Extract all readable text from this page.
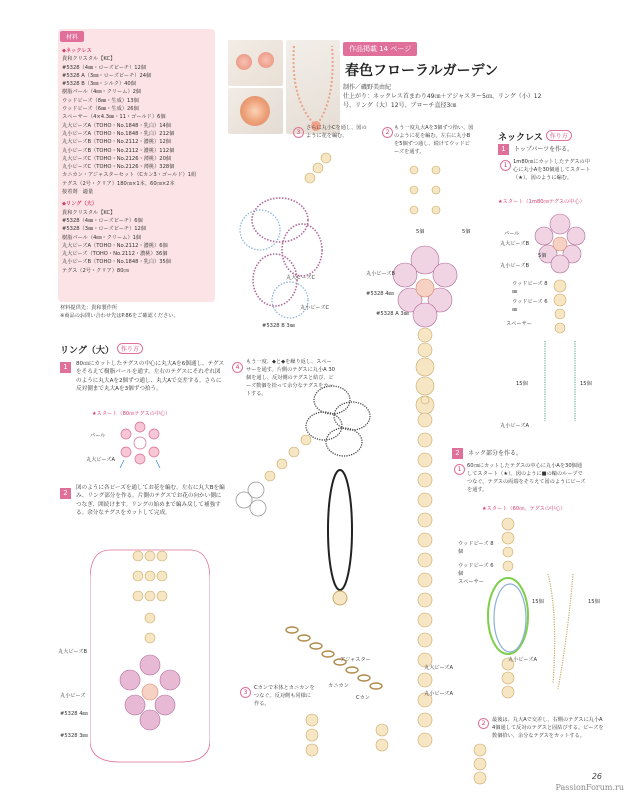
材料
◆ネックレス
貴和クリスタル【KC】
#5328（4㎜・ローズピーチ）12個
#5328 A（3㎜・ローズピーチ）24個
#5328 B（3㎜・シルク）40個
樹脂パール（4㎜・クリーム）2個
ウッドビーズ（8㎜・生成）13個
ウッドビーズ（6㎜・生成）26個
スペーサー（4×4.3㎜・11・ゴールド）6個
丸大ビーズA（TOHO・No.1848・乳白）14個
丸小ビーズA（TOHO・No.1848・乳白）212個
丸大ビーズB（TOHO・No.2112・濃桃）12個
丸小ビーズB（TOHO・No.2112・濃桃）112個
丸大ビーズC（TOHO・No.2126・薄桃）20個
丸小ビーズC（TOHO・No.2126・薄桃）328個
カニカン・アジャスターセット（Cカン3・ゴールド）1組
テグス（2号・クリア）180㎝×1本、60㎝×2本
接着剤　適量
◆リング（大）
貴和クリスタル【KC】
#5328（4㎜・ローズピーチ）6個
#5328（3㎜・ローズピーチ）12個
樹脂パール（4㎜・クリーム）1個
丸大ビーズA（TOHO・No.2112・濃桃）6個
丸大ビーズ（TOHO・No.2112・濃桃）36個
丸小ビーズB（TOHO・No.1848・乳白）35個
テグス（2号・クリア）80㎝
材料提供先：貴和製作所
※商品のお問い合わせ先はP.86をご確認ください。
作品掲載 14 ページ
春色フローラルガーデン
制作／磯野美由紀
仕上がり：ネックレス首まわり49㎝＋アジャスター5㎝、リング（小）12号、リング（大）12号、ブローチ直径3㎝
リング（大） 作り方
1	80㎝にカットしたテグスの中心に丸大Aを6個通し、テグスをそろえて樹脂パールを通す。左右のテグスにそれぞれ図のように丸大Aを2個ずつ通し、丸大Aで交差する。さらに反対側まで丸大Aを3個ずつ拾う。
★スタート（80㎝テグスの中心）
パール
丸大ビーズA
2
図のように各ビーズを通してお花を編む。左右に丸大Bを編み、リング部分を作る。片側のテグスでお花の向かい側につなぎ、囲続けます。リングの始めまで編み戻して補強する。余分なテグスをカットして完成。
丸大ビーズB
丸小ビーズ
#5328 4㎜
#5328 3㎜
3
さらに丸小Cを通し、図のように花を編む。
丸大ビーズC
丸小ビーズC
#5328 B 3㎜
2
もう一度丸大Aを3個ずつ拾い、図のように花を編む。左右に丸小Bを5個ずつ通し、続けてウッドビーズを通す。
5個	5個
丸小ビーズB
#5328 4㎜
#5328 A 3㎜
4
もう一度、◆と◆を繰り返し、スペーサーを通す。片側のテグスに丸小A 30個を通し、反対側のテグスと結び、ビーズ数個を拾って余分なテグスをカットする。
アジャスター
カニカン
Cカン
3
Cカンで本体とカニカンをつなぐ。反対側も同様に作る。
丸大ビーズA
丸小ビーズA
ネックレス 作り方
1	トップパーツを作る。
1	1m80㎝にカットしたテグスの中心に丸小Aを30個通してスタート（★）。図のように編む。
★スタート（1m80㎝テグスの中心）
パール
丸大ビーズB
丸小ビーズB
5個
ウッドビーズ 8㎜
ウッドビーズ 6㎜
スペーサー
15個	15個
丸小ビーズA
2	ネック部分を作る。
1	60㎝にカットしたテグスの中心に丸小Aを30個通してスタート（★）。図のように■の輪のループでつなぐ。テグスの両端をそろえて図のようにビーズを通す。
★スタート（60㎝、テグスの中心）
ウッドビーズ 8個
ウッドビーズ 6個
スペーサー
15個	15個
丸小ビーズA
2	最後は、丸大Aで交差し、右側のテグスに丸小A 4個通して反対のテグスと固結びする。ビーズを数個拾い、余分なテグスをカットする。
26
PassionForum.ru
